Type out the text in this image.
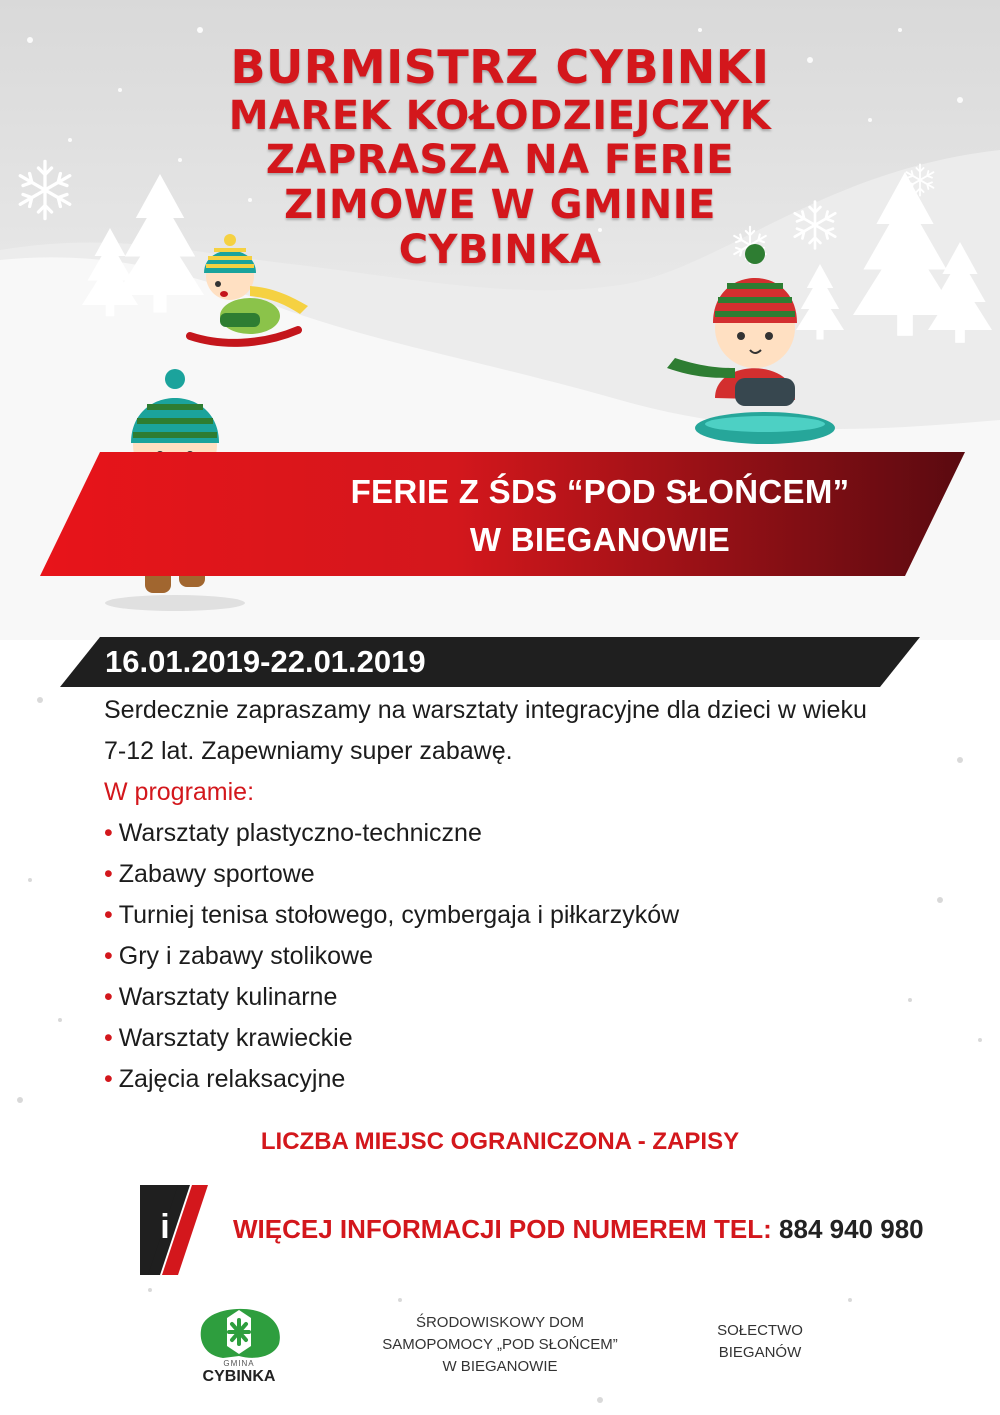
BURMISTRZ CYBINKI
MAREK KOŁODZIEJCZYK
ZAPRASZA NA FERIE
ZIMOWE W GMINIE
CYBINKA
FERIE Z ŚDS “POD SŁOŃCEM”
W BIEGANOWIE
16.01.2019-22.01.2019
Serdecznie zapraszamy na warsztaty integracyjne dla dzieci w wieku
7-12 lat. Zapewniamy super zabawę.
W programie:
• Warsztaty plastyczno-techniczne
• Zabawy sportowe
• Turniej tenisa stołowego, cymbergaja i piłkarzyków
• Gry i zabawy stolikowe
• Warsztaty kulinarne
• Warsztaty krawieckie
• Zajęcia relaksacyjne
LICZBA MIEJSC OGRANICZONA - ZAPISY
i	WIĘCEJ INFORMACJI POD NUMEREM TEL: 884 940 980
GMINA
CYBINKA
ŚRODOWISKOWY DOM
SAMOPOMOCY „POD SŁOŃCEM”
W BIEGANOWIE
SOŁECTWO
BIEGANÓW
